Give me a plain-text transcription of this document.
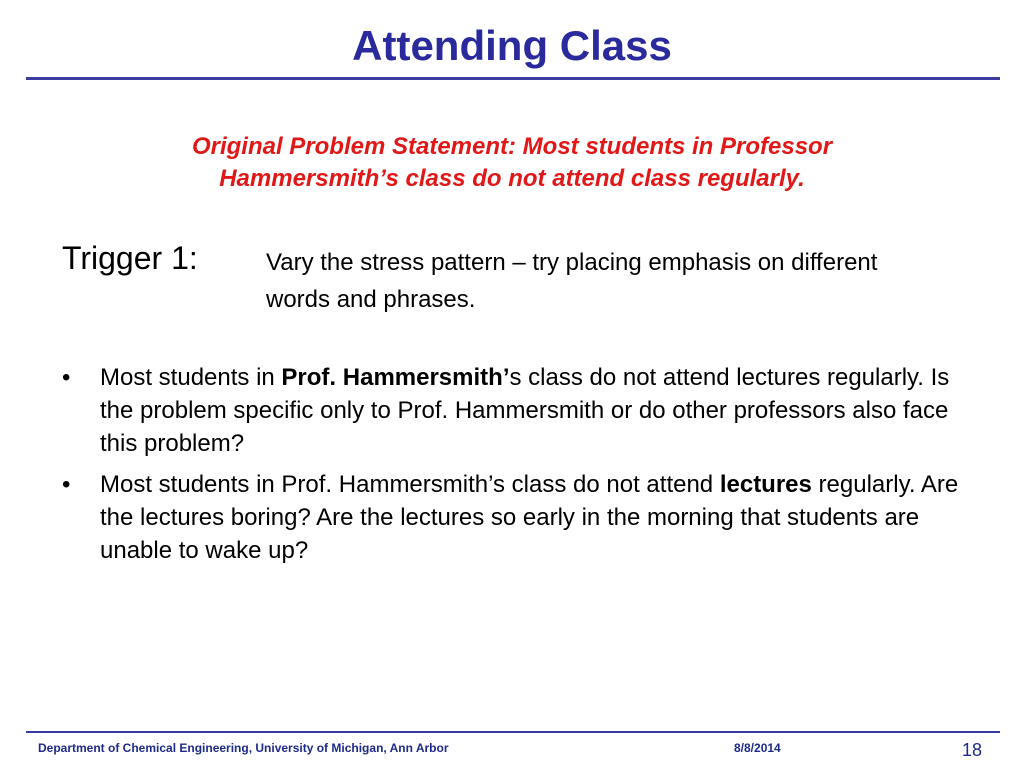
Attending Class
Original Problem Statement: Most students in Professor
Hammersmith’s class do not attend class regularly.
Trigger 1:	Vary the stress pattern – try placing emphasis on different words and phrases.
• Most students in Prof. Hammersmith’s class do not attend lectures regularly. Is the problem specific only to Prof. Hammersmith or do other professors also face this problem?
• Most students in Prof. Hammersmith’s class do not attend lectures regularly. Are the lectures boring? Are the lectures so early in the morning that students are unable to wake up?
Department of Chemical Engineering, University of Michigan, Ann Arbor	8/8/2014	18
